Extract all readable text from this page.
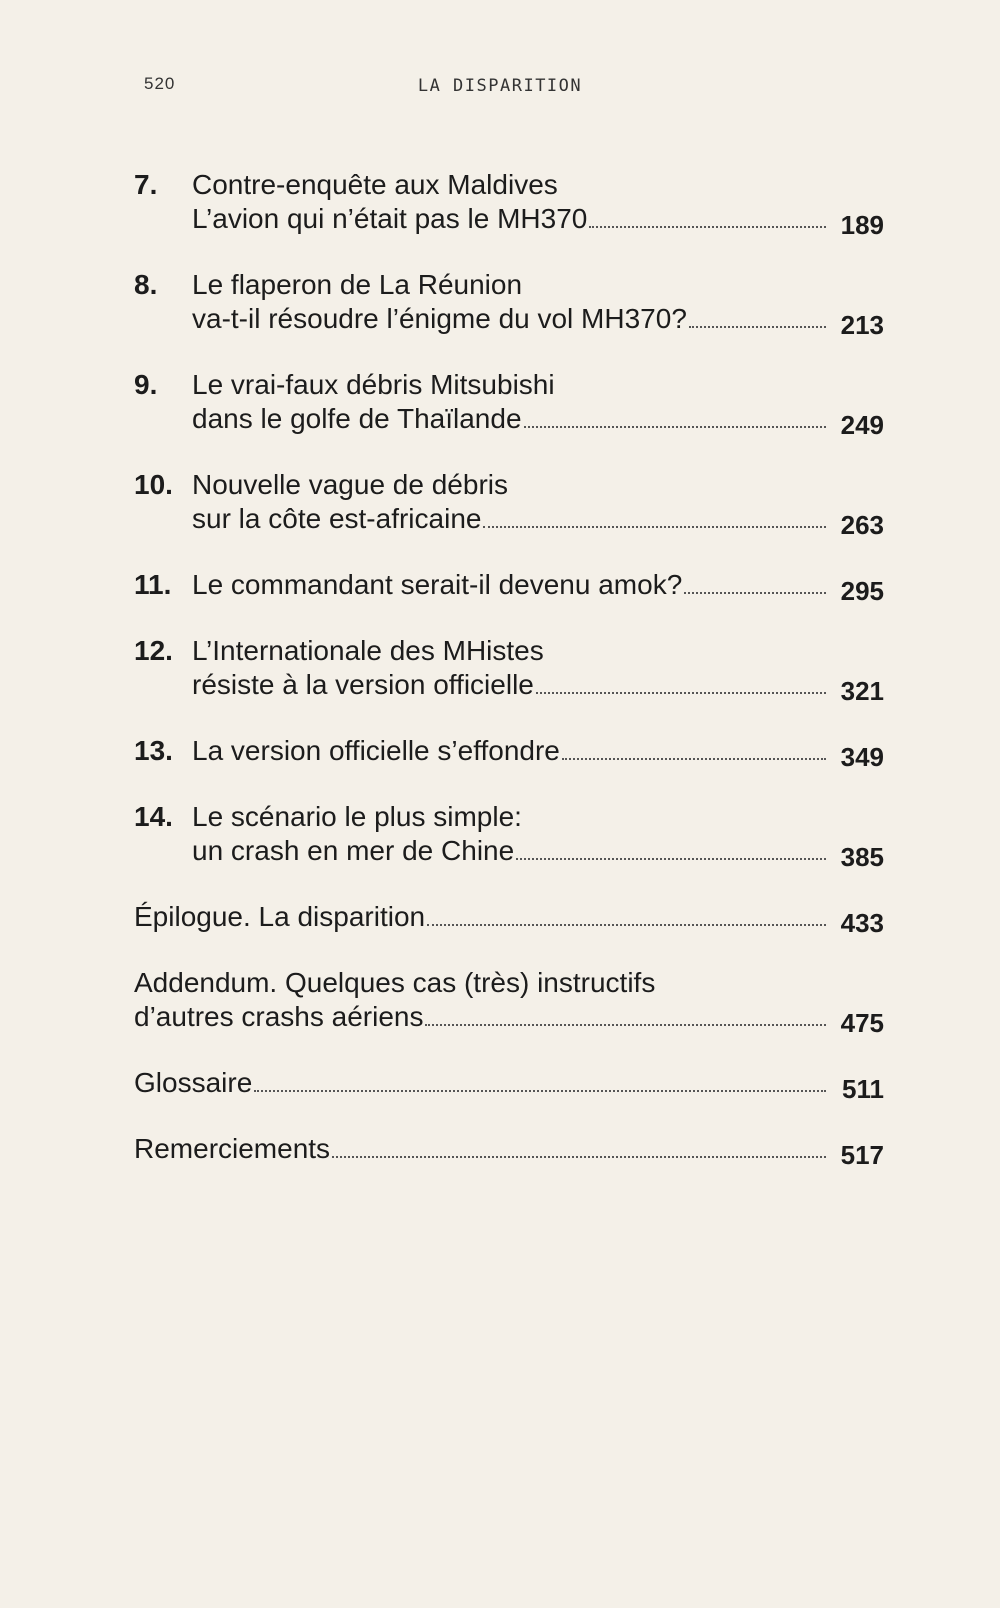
520	LA DISPARITION
7. Contre-enquête aux Maldives
L’avion qui n’était pas le MH370	189
8. Le flaperon de La Réunion
va-t-il résoudre l’énigme du vol MH370?	213
9. Le vrai-faux débris Mitsubishi
dans le golfe de Thaïlande	249
10. Nouvelle vague de débris
sur la côte est-africaine	263
11. Le commandant serait-il devenu amok?	295
12. L’Internationale des MHistes
résiste à la version officielle	321
13. La version officielle s’effondre	349
14. Le scénario le plus simple:
un crash en mer de Chine	385
Épilogue. La disparition	433
Addendum. Quelques cas (très) instructifs
d’autres crashs aériens	475
Glossaire	511
Remerciements	517
